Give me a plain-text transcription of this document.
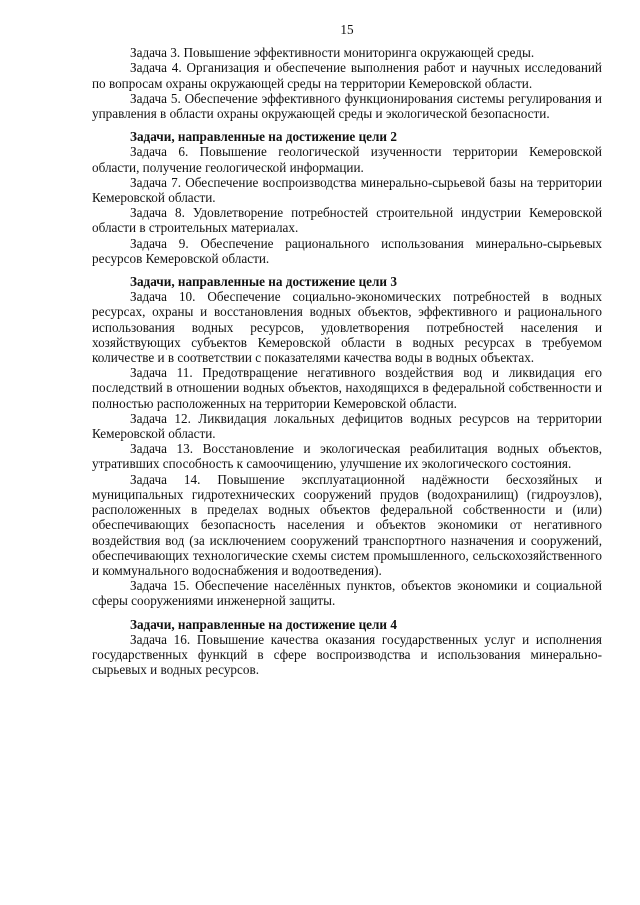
15

Задача 3. Повышение эффективности мониторинга окружающей среды.

Задача 4. Организация и обеспечение выполнения работ и научных исследований по вопросам охраны окружающей среды на территории Кемеровской области.

Задача 5. Обеспечение эффективного функционирования системы регулирования и управления в области охраны окружающей среды и экологической безопасности.

Задачи, направленные на достижение цели 2

Задача 6. Повышение геологической изученности территории Кемеровской области, получение геологической информации.

Задача 7. Обеспечение воспроизводства минерально-сырьевой базы на территории Кемеровской области.

Задача 8. Удовлетворение потребностей строительной индустрии Кемеровской области в строительных материалах.

Задача 9. Обеспечение рационального использования минерально-сырьевых ресурсов Кемеровской области.

Задачи, направленные на достижение цели 3

Задача 10. Обеспечение социально-экономических потребностей в водных ресурсах, охраны и восстановления водных объектов, эффективного и рационального использования водных ресурсов, удовлетворения потребностей населения и хозяйствующих субъектов Кемеровской области в водных ресурсах в требуемом количестве и в соответствии с показателями качества воды в водных объектах.

Задача 11. Предотвращение негативного воздействия вод и ликвидация его последствий в отношении водных объектов, находящихся в федеральной собственности и полностью расположенных на территории Кемеровской области.

Задача 12. Ликвидация локальных дефицитов водных ресурсов на территории Кемеровской области.

Задача 13. Восстановление и экологическая реабилитация водных объектов, утративших способность к самоочищению, улучшение их экологического состояния.

Задача 14. Повышение эксплуатационной надёжности бесхозяйных и муниципальных гидротехнических сооружений прудов (водохранилищ) (гидроузлов), расположенных в пределах водных объектов федеральной собственности и (или) обеспечивающих безопасность населения и объектов экономики от негативного воздействия вод (за исключением сооружений транспортного назначения и сооружений, обеспечивающих технологические схемы систем промышленного, сельскохозяйственного и коммунального водоснабжения и водоотведения).

Задача 15. Обеспечение населённых пунктов, объектов экономики и социальной сферы сооружениями инженерной защиты.

Задачи, направленные на достижение цели 4

Задача 16. Повышение качества оказания государственных услуг и исполнения государственных функций в сфере воспроизводства и использования минерально-сырьевых и водных ресурсов.
